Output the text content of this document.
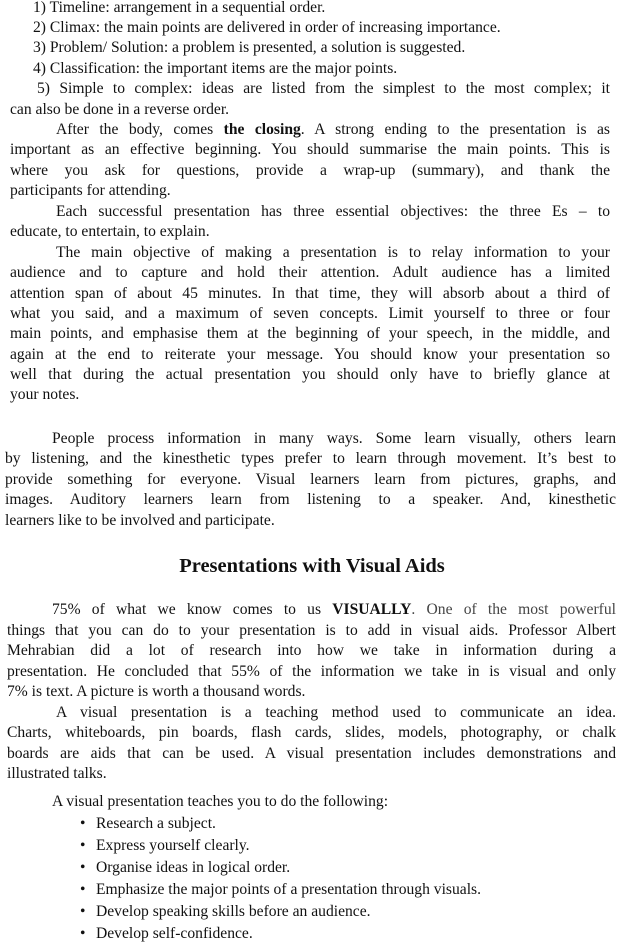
1) Timeline: arrangement in a sequential order.
2) Climax: the main points are delivered in order of increasing importance.
3) Problem/ Solution: a problem is presented, a solution is suggested.
4) Classification: the important items are the major points.
5) Simple to complex: ideas are listed from the simplest to the most complex; it
can also be done in a reverse order.
After the body, comes the closing. A strong ending to the presentation is as
important as an effective beginning. You should summarise the main points. This is
where you ask for questions, provide a wrap-up (summary), and thank the
participants for attending.
Each successful presentation has three essential objectives: the three Es – to
educate, to entertain, to explain.
The main objective of making a presentation is to relay information to your
audience and to capture and hold their attention. Adult audience has a limited
attention span of about 45 minutes. In that time, they will absorb about a third of
what you said, and a maximum of seven concepts. Limit yourself to three or four
main points, and emphasise them at the beginning of your speech, in the middle, and
again at the end to reiterate your message. You should know your presentation so
well that during the actual presentation you should only have to briefly glance at
your notes.
People process information in many ways. Some learn visually, others learn
by listening, and the kinesthetic types prefer to learn through movement. It’s best to
provide something for everyone. Visual learners learn from pictures, graphs, and
images. Auditory learners learn from listening to a speaker. And, kinesthetic
learners like to be involved and participate.
Presentations with Visual Aids
75% of what we know comes to us VISUALLY. One of the most powerful
things that you can do to your presentation is to add in visual aids. Professor Albert
Mehrabian did a lot of research into how we take in information during a
presentation. He concluded that 55% of the information we take in is visual and only
7% is text. A picture is worth a thousand words.
A visual presentation is a teaching method used to communicate an idea.
Charts, whiteboards, pin boards, flash cards, slides, models, photography, or chalk
boards are aids that can be used. A visual presentation includes demonstrations and
illustrated talks.
A visual presentation teaches you to do the following:
• Research a subject.
• Express yourself clearly.
• Organise ideas in logical order.
• Emphasize the major points of a presentation through visuals.
• Develop speaking skills before an audience.
• Develop self-confidence.
